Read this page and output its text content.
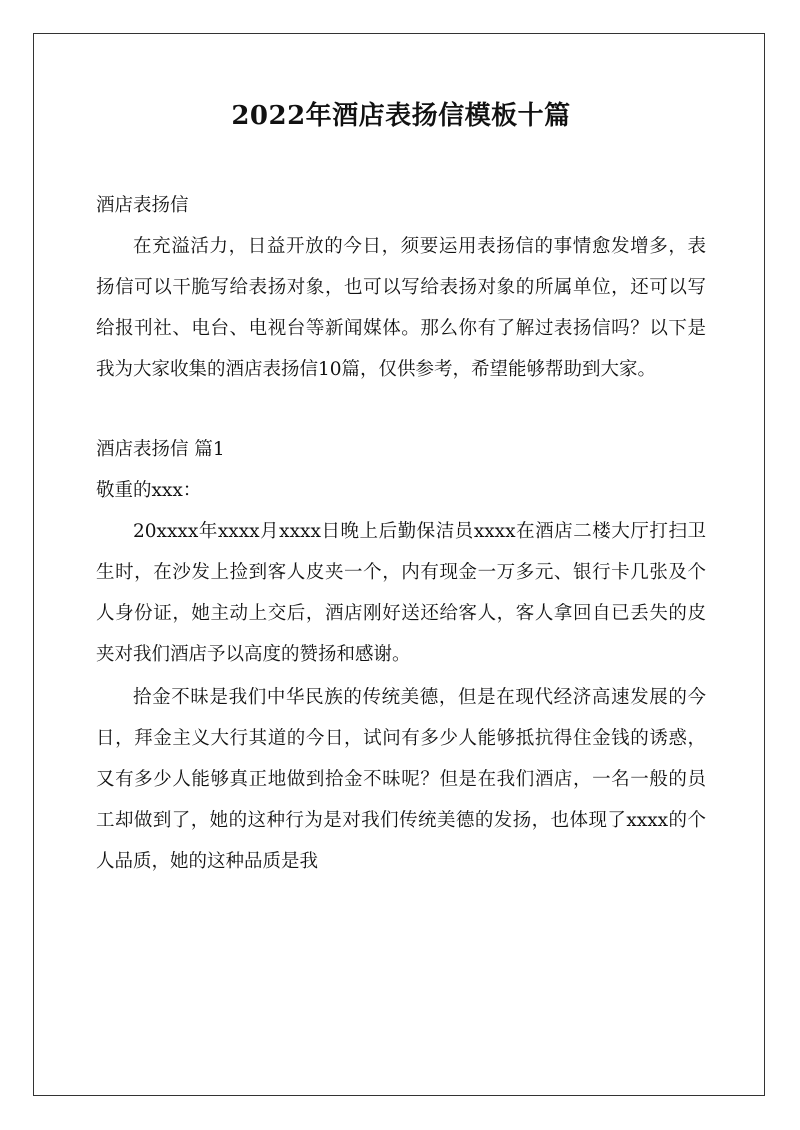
2022年酒店表扬信模板十篇

酒店表扬信

在充溢活力，日益开放的今日，须要运用表扬信的事情愈发增多，表扬信可以干脆写给表扬对象，也可以写给表扬对象的所属单位，还可以写给报刊社、电台、电视台等新闻媒体。那么你有了解过表扬信吗？以下是我为大家收集的酒店表扬信10篇，仅供参考，希望能够帮助到大家。

酒店表扬信 篇1

敬重的xxx：

20xxxx年xxxx月xxxx日晚上后勤保洁员xxxx在酒店二楼大厅打扫卫生时，在沙发上捡到客人皮夹一个，内有现金一万多元、银行卡几张及个人身份证，她主动上交后，酒店刚好送还给客人，客人拿回自已丢失的皮夹对我们酒店予以高度的赞扬和感谢。

拾金不昧是我们中华民族的传统美德，但是在现代经济高速发展的今日，拜金主义大行其道的今日，试问有多少人能够抵抗得住金钱的诱惑，又有多少人能够真正地做到拾金不昧呢？但是在我们酒店，一名一般的员工却做到了，她的这种行为是对我们传统美德的发扬，也体现了xxxx的个人品质，她的这种品质是我
